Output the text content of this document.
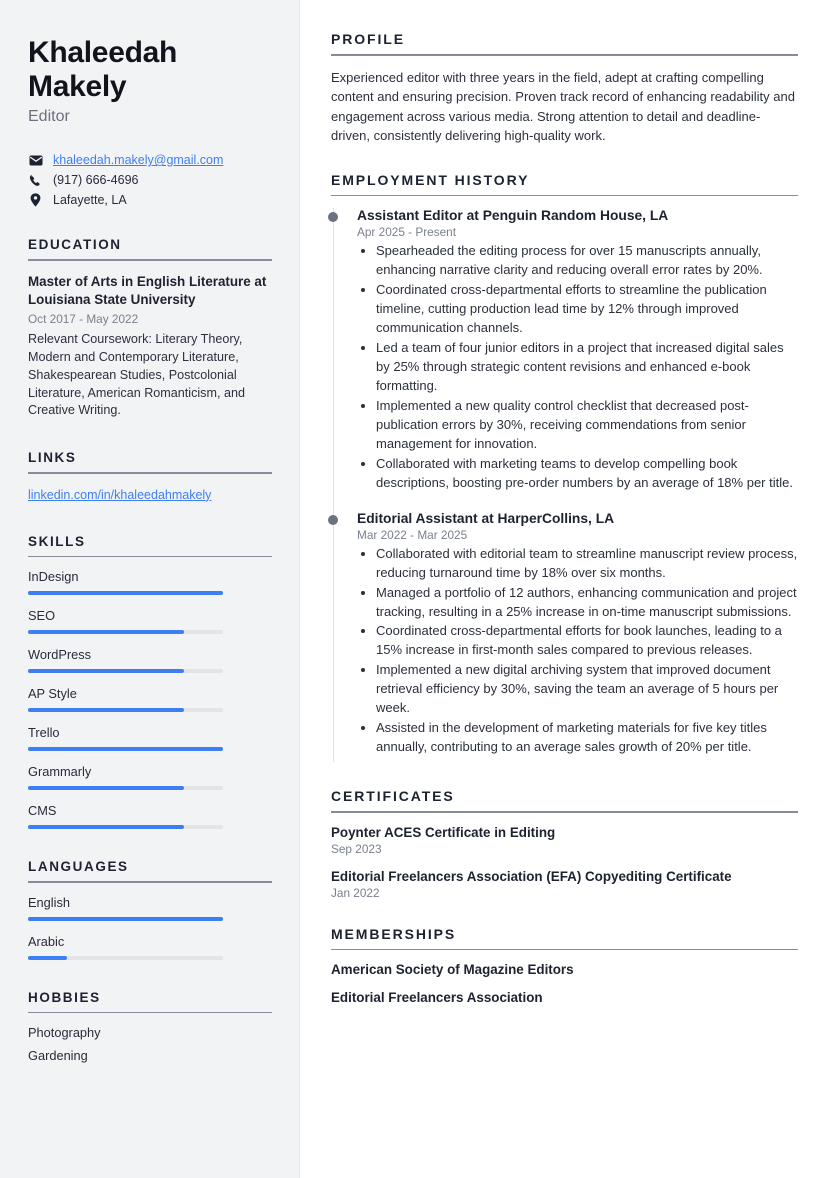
Khaleedah Makely
Editor
khaleedah.makely@gmail.com
(917) 666-4696
Lafayette, LA
EDUCATION
Master of Arts in English Literature at Louisiana State University
Oct 2017 - May 2022
Relevant Coursework: Literary Theory, Modern and Contemporary Literature, Shakespearean Studies, Postcolonial Literature, American Romanticism, and Creative Writing.
LINKS
linkedin.com/in/khaleedahmakely
SKILLS
InDesign
SEO
WordPress
AP Style
Trello
Grammarly
CMS
LANGUAGES
English
Arabic
HOBBIES
Photography
Gardening
PROFILE

Experienced editor with three years in the field, adept at crafting compelling content and ensuring precision. Proven track record of enhancing readability and engagement across various media. Strong attention to detail and deadline-driven, consistently delivering high-quality work.

EMPLOYMENT HISTORY
Assistant Editor at Penguin Random House, LA
Apr 2025 - Present
• Spearheaded the editing process for over 15 manuscripts annually, enhancing narrative clarity and reducing overall error rates by 20%.
• Coordinated cross-departmental efforts to streamline the publication timeline, cutting production lead time by 12% through improved communication channels.
• Led a team of four junior editors in a project that increased digital sales by 25% through strategic content revisions and enhanced e-book formatting.
• Implemented a new quality control checklist that decreased post-publication errors by 30%, receiving commendations from senior management for innovation.
• Collaborated with marketing teams to develop compelling book descriptions, boosting pre-order numbers by an average of 18% per title.
Editorial Assistant at HarperCollins, LA
Mar 2022 - Mar 2025
• Collaborated with editorial team to streamline manuscript review process, reducing turnaround time by 18% over six months.
• Managed a portfolio of 12 authors, enhancing communication and project tracking, resulting in a 25% increase in on-time manuscript submissions.
• Coordinated cross-departmental efforts for book launches, leading to a 15% increase in first-month sales compared to previous releases.
• Implemented a new digital archiving system that improved document retrieval efficiency by 30%, saving the team an average of 5 hours per week.
• Assisted in the development of marketing materials for five key titles annually, contributing to an average sales growth of 20% per title.
CERTIFICATES
Poynter ACES Certificate in Editing
Sep 2023
Editorial Freelancers Association (EFA) Copyediting Certificate
Jan 2022
MEMBERSHIPS
American Society of Magazine Editors
Editorial Freelancers Association
